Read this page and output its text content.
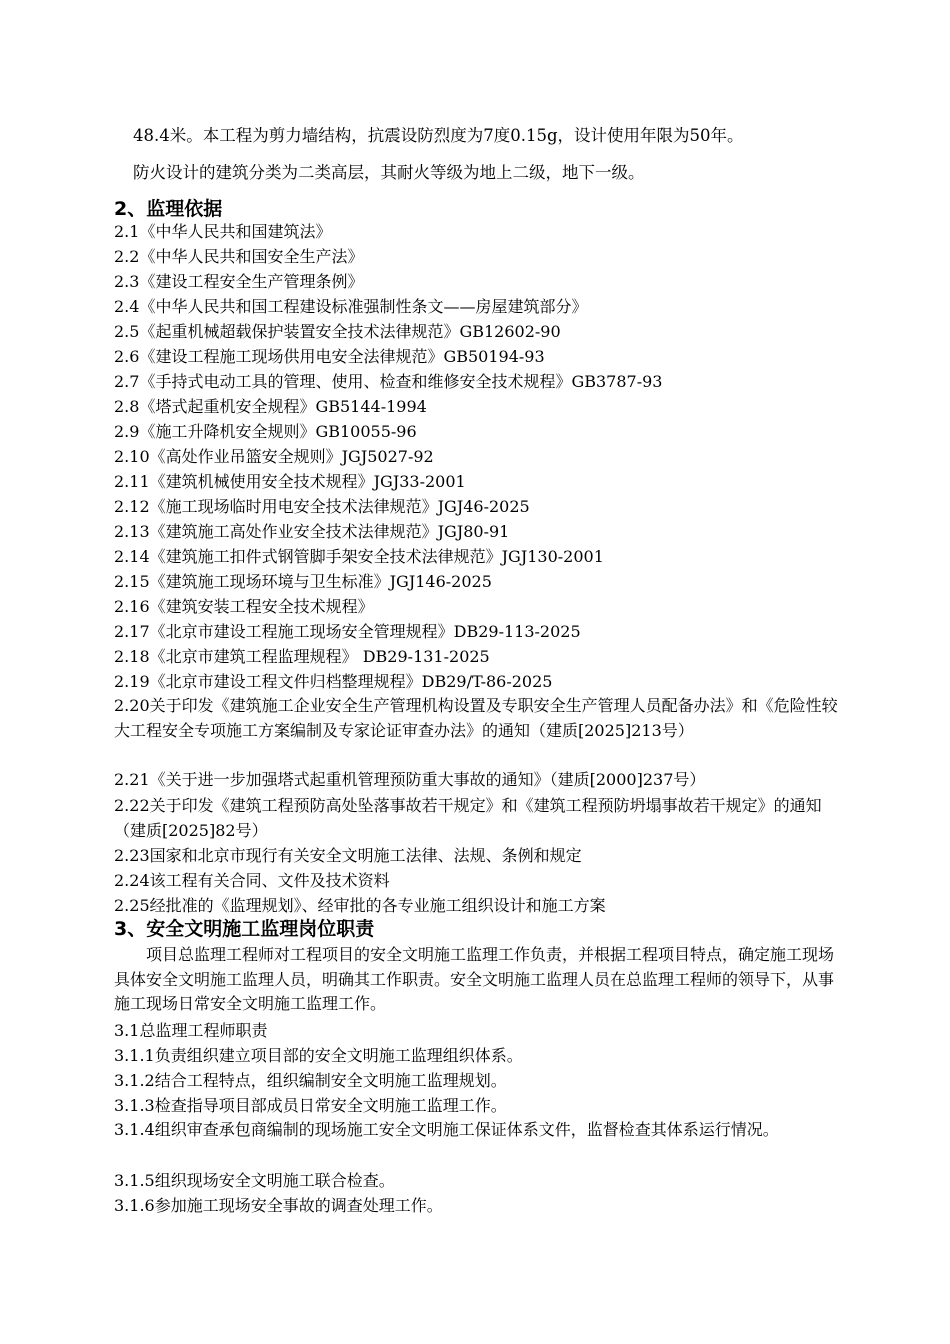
48.4米。本工程为剪力墙结构，抗震设防烈度为7度0.15g，设计使用年限为50年。
防火设计的建筑分类为二类高层，其耐火等级为地上二级，地下一级。
2、监理依据
2.1《中华人民共和国建筑法》
2.2《中华人民共和国安全生产法》
2.3《建设工程安全生产管理条例》
2.4《中华人民共和国工程建设标准强制性条文——房屋建筑部分》
2.5《起重机械超载保护装置安全技术法律规范》GB12602-90
2.6《建设工程施工现场供用电安全法律规范》GB50194-93
2.7《手持式电动工具的管理、使用、检查和维修安全技术规程》GB3787-93
2.8《塔式起重机安全规程》GB5144-1994
2.9《施工升降机安全规则》GB10055-96
2.10《高处作业吊篮安全规则》JGJ5027-92
2.11《建筑机械使用安全技术规程》JGJ33-2001
2.12《施工现场临时用电安全技术法律规范》JGJ46-2025
2.13《建筑施工高处作业安全技术法律规范》JGJ80-91
2.14《建筑施工扣件式钢管脚手架安全技术法律规范》JGJ130-2001
2.15《建筑施工现场环境与卫生标准》JGJ146-2025
2.16《建筑安装工程安全技术规程》
2.17《北京市建设工程施工现场安全管理规程》DB29-113-2025
2.18《北京市建筑工程监理规程》 DB29-131-2025
2.19《北京市建设工程文件归档整理规程》DB29/T-86-2025
2.20关于印发《建筑施工企业安全生产管理机构设置及专职安全生产管理人员配备办法》和《危险性较大工程安全专项施工方案编制及专家论证审查办法》的通知（建质[2025]213号）
2.21《关于进一步加强塔式起重机管理预防重大事故的通知》（建质[2000]237号）
2.22关于印发《建筑工程预防高处坠落事故若干规定》和《建筑工程预防坍塌事故若干规定》的通知（建质[2025]82号）
2.23国家和北京市现行有关安全文明施工法律、法规、条例和规定
2.24该工程有关合同、文件及技术资料
2.25经批准的《监理规划》、经审批的各专业施工组织设计和施工方案
3、安全文明施工监理岗位职责
项目总监理工程师对工程项目的安全文明施工监理工作负责，并根据工程项目特点，确定施工现场具体安全文明施工监理人员，明确其工作职责。安全文明施工监理人员在总监理工程师的领导下，从事施工现场日常安全文明施工监理工作。
3.1总监理工程师职责
3.1.1负责组织建立项目部的安全文明施工监理组织体系。
3.1.2结合工程特点，组织编制安全文明施工监理规划。
3.1.3检查指导项目部成员日常安全文明施工监理工作。
3.1.4组织审查承包商编制的现场施工安全文明施工保证体系文件，监督检查其体系运行情况。
3.1.5组织现场安全文明施工联合检查。
3.1.6参加施工现场安全事故的调查处理工作。
